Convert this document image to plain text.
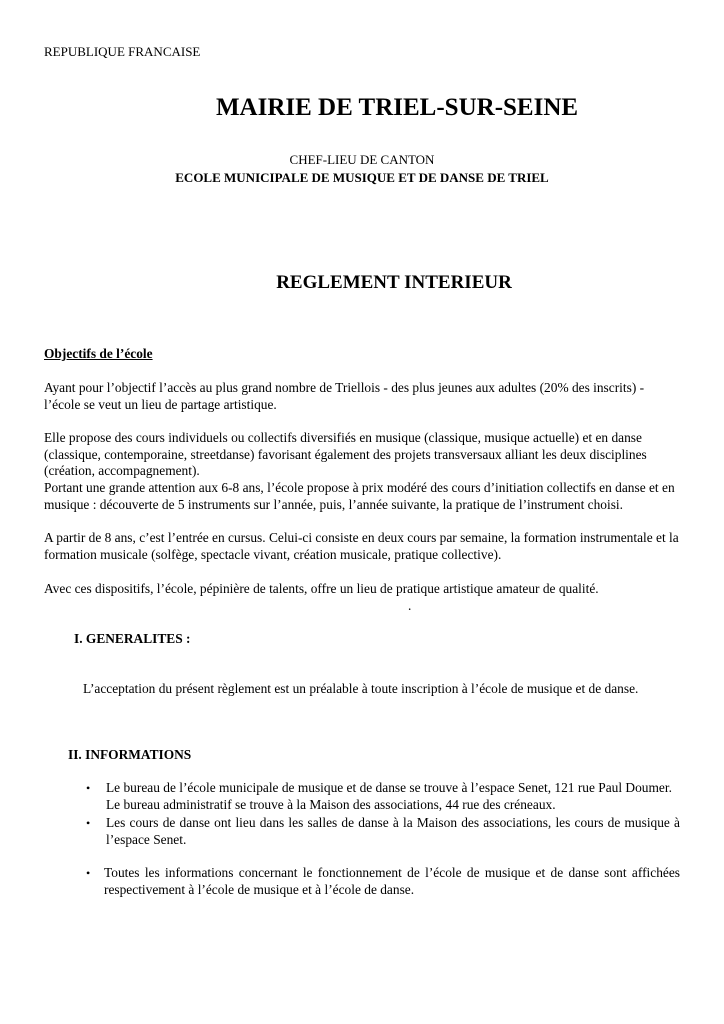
REPUBLIQUE FRANCAISE
MAIRIE DE TRIEL-SUR-SEINE
CHEF-LIEU DE CANTON
ECOLE MUNICIPALE DE MUSIQUE ET DE DANSE DE TRIEL
REGLEMENT INTERIEUR
Objectifs de l’école
Ayant pour l’objectif l’accès au plus grand nombre de Triellois - des plus jeunes aux adultes (20% des inscrits) - l’école se veut un lieu de partage artistique.
Elle propose des cours individuels ou collectifs diversifiés en musique (classique, musique actuelle) et en danse (classique, contemporaine, streetdanse) favorisant également des projets transversaux alliant les deux disciplines (création, accompagnement).
Portant une grande attention aux 6-8 ans, l’école propose à prix modéré des cours d’initiation collectifs en danse et en musique : découverte de 5 instruments sur l’année, puis, l’année suivante, la pratique de l’instrument choisi.
A partir de 8 ans, c’est l’entrée en cursus. Celui-ci consiste en deux cours par semaine, la formation instrumentale et la formation musicale (solfège, spectacle vivant, création musicale, pratique collective).
Avec ces dispositifs, l’école, pépinière de talents, offre un lieu de pratique artistique amateur de qualité.
.
I. GENERALITES :
L’acceptation du présent règlement est un préalable à toute inscription à l’école de musique et de danse.
II. INFORMATIONS
•	Le bureau de l’école municipale de musique et de danse se trouve à l’espace Senet, 121 rue Paul Doumer. Le bureau administratif se trouve à la Maison des associations, 44 rue des créneaux.
•	Les cours de danse ont lieu dans les salles de danse à la Maison des associations, les cours de musique à l’espace Senet.
•	Toutes les informations concernant le fonctionnement de l’école de musique et de danse sont affichées respectivement à l’école de musique et à l’école de danse.
